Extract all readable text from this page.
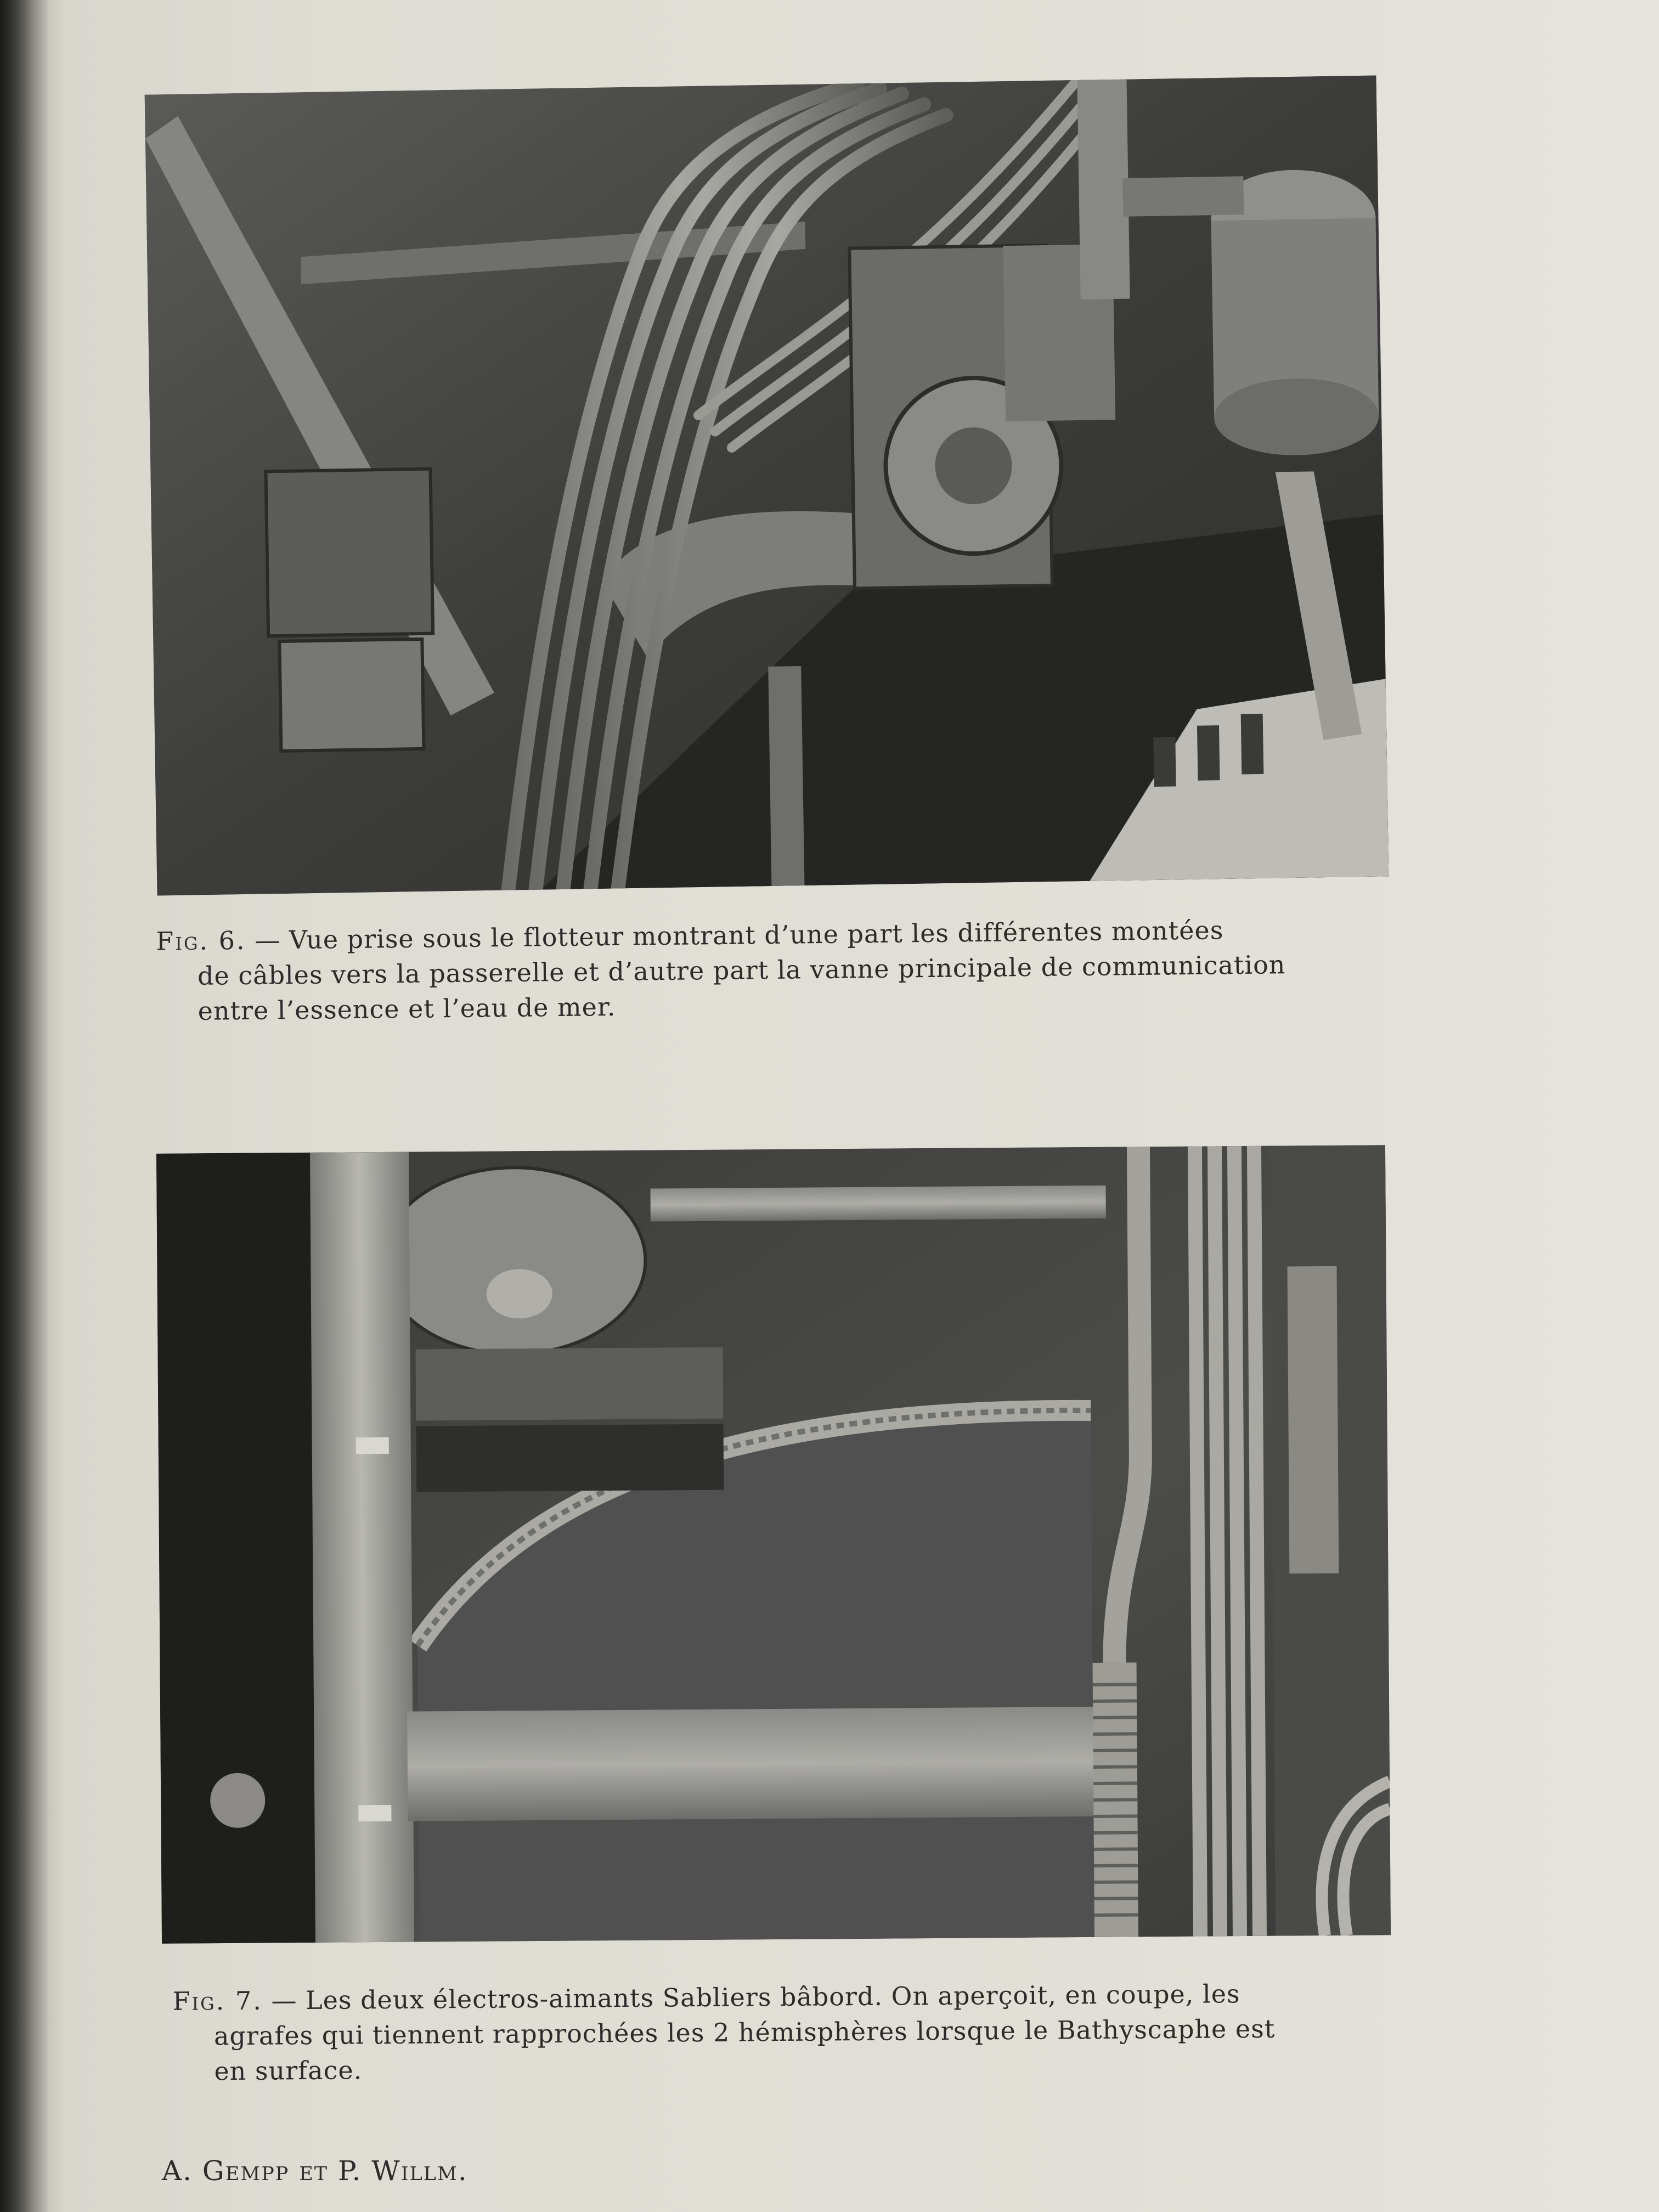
Fig. 6. — Vue prise sous le flotteur montrant d’une part les différentes montées
de câbles vers la passerelle et d’autre part la vanne principale de communication
entre l’essence et l’eau de mer.
Fig. 7. — Les deux électros-aimants Sabliers bâbord. On aperçoit, en coupe, les
agrafes qui tiennent rapprochées les 2 hémisphères lorsque le Bathyscaphe est
en surface.
A. Gempp et P. Willm.
